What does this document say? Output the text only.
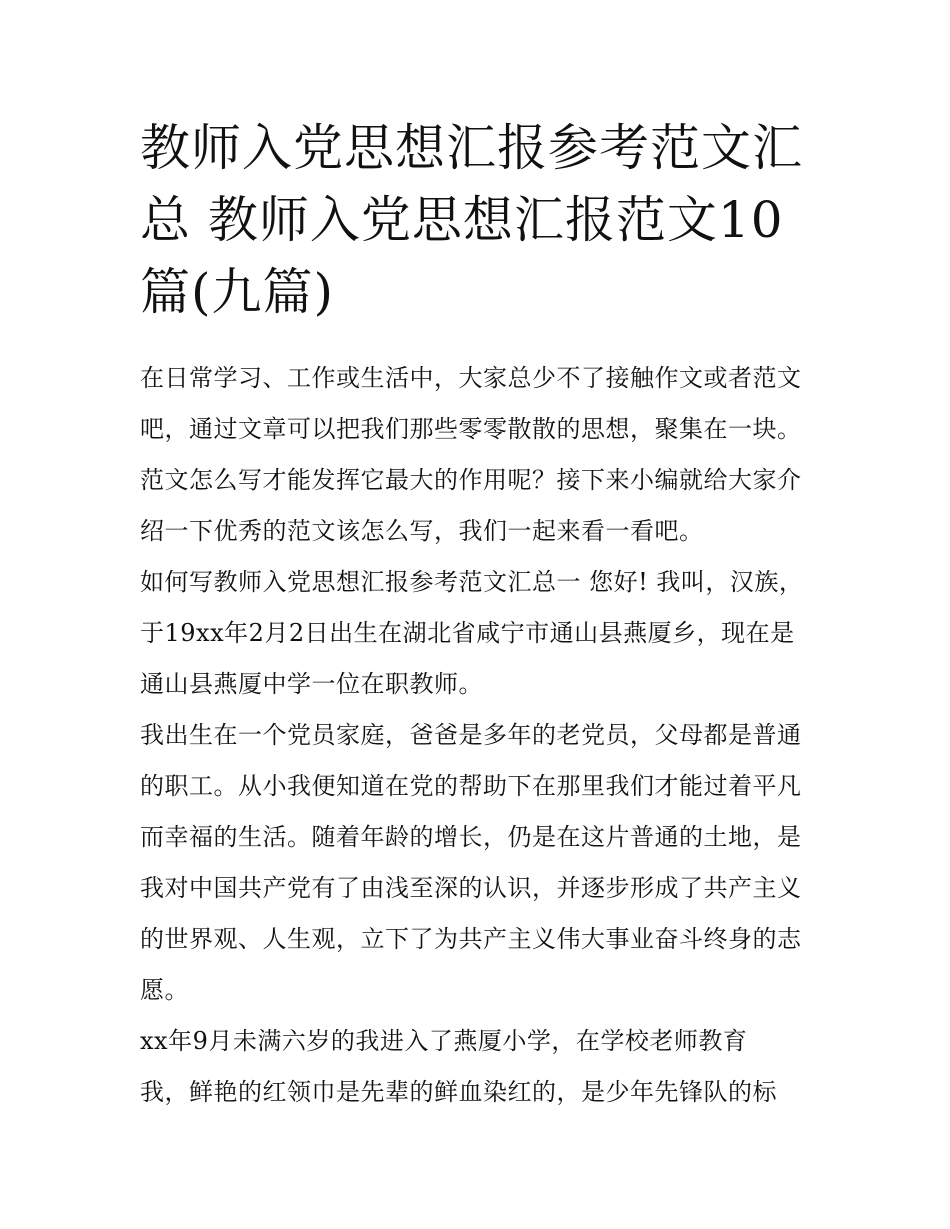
教师入党思想汇报参考范文汇
总 教师入党思想汇报范文10
篇(九篇)

在日常学习、工作或生活中，大家总少不了接触作文或者范文
吧，通过文章可以把我们那些零零散散的思想，聚集在一块。
范文怎么写才能发挥它最大的作用呢？接下来小编就给大家介
绍一下优秀的范文该怎么写，我们一起来看一看吧。

如何写教师入党思想汇报参考范文汇总一 您好! 我叫，汉族，
于19xx年2月2日出生在湖北省咸宁市通山县燕厦乡，现在是
通山县燕厦中学一位在职教师。

我出生在一个党员家庭，爸爸是多年的老党员，父母都是普通
的职工。从小我便知道在党的帮助下在那里我们才能过着平凡
而幸福的生活。随着年龄的增长，仍是在这片普通的土地，是
我对中国共产党有了由浅至深的认识，并逐步形成了共产主义
的世界观、人生观，立下了为共产主义伟大事业奋斗终身的志
愿。

xx年9月未满六岁的我进入了燕厦小学，在学校老师教育
我，鲜艳的红领巾是先辈的鲜血染红的，是少年先锋队的标
